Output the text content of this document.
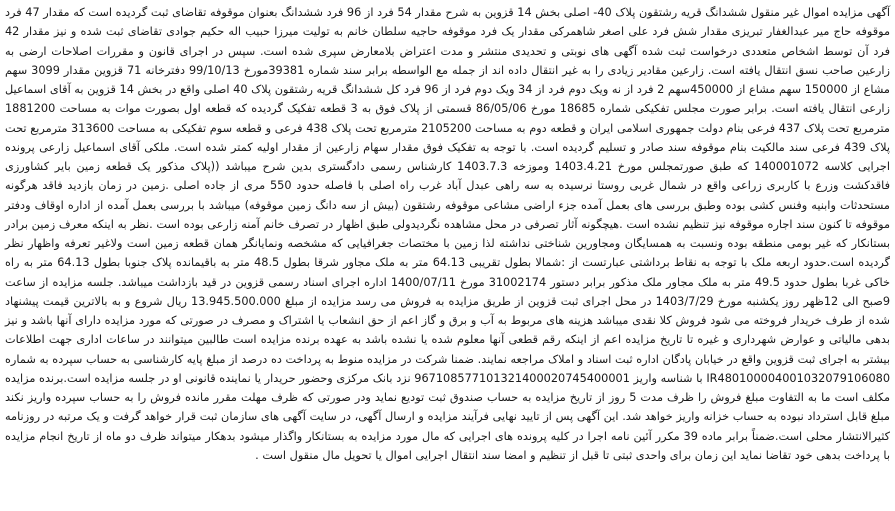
آگهی مزایده اموال غیر منقول ششدانگ قریه رشتقون پلاک 40- اصلی بخش 14 قزوین به شرح مقدار 54 فرد از 96 فرد ششدانگ بعنوان موقوفه تقاضای ثبت گردیده است که مقدار 47 فرد موقوفه حاج میر عبدالغفار تبریزی مقدار شش فرد علی اصغر شاهمرکی مقدار یک فرد موقوفه حاجیه سلطان خانم به تولیت میرزا حبیب اله حکیم جوادی تقاضای ثبت شده و نیز مقدار 42 فرد آن توسط اشخاص متعددی درخواست ثبت شده آگهی های نوبتی و تحدیدی منتشر و مدت اعتراض بلامعارض سپری شده است. سپس در اجرای قانون و مقررات اصلاحات ارضی به زارعین صاحب نسق انتقال یافته است. زارعین مقادیر زیادی را به غیر انتقال داده اند از جمله مع الواسطه برابر سند شماره 39381مورخ 99/10/13 دفترخانه 71 قزوین مقدار 3099 سهم مشاع از 150000 سهم مشاع از 450000سهم 2 فرد از نه ویک دوم فرد از 34 ویک دوم فرد از 96 فرد کل ششدانگ قریه رشتقون پلاک 40 اصلی واقع در بخش 14 قزوین به آقای اسماعیل زارعی انتقال یافته است. برابر صورت مجلس تفکیکی شماره 18685 مورخ 86/05/06 قسمتی از پلاک فوق به 3 قطعه تفکیک گردیده که قطعه اول بصورت موات به مساحت 1881200 مترمربع تحت پلاک 437 فرعی بنام دولت جمهوری اسلامی ایران و قطعه دوم به مساحت 2105200 مترمربع تحت پلاک 438 فرعی و قطعه سوم تفکیکی به مساحت 313600 مترمربع تحت پلاک 439 فرعی سند مالکیت بنام موقوفه سند صادر و تسلیم گردیده است. با توجه به تفکیک فوق مقدار سهام زارعین از مقدار اولیه کمتر شده است. ملکی آقای اسماعیل زارعی پرونده اجرایی کلاسه 140001072 که طبق صورتمجلس مورخ 1403.4.21 وموزخه 1403.7.3 کارشناس رسمی دادگستری بدین شرح میباشد ((پلاک مذکور یک قطعه زمین بایر کشاورزی فاقدکشت وزرع با کاربری زراعی واقع در شمال غربی روستا نرسیده به سه راهی عبدل آباد غرب راه اصلی با فاصله حدود 550 مری از جاده اصلی .زمین در زمان بازدید فاقد هرگونه مستحدثات وابنیه وفنس کشی بوده وطبق بررسی های بعمل آمده جزء اراضی مشاعی موقوفه رشتقون (بیش از سه دانگ زمین موقوفه) میباشد با بررسی بعمل آمده از اداره اوقاف ودفتر موقوفه تا کنون سند اجاره موقوفه نیز تنظیم نشده است .هیچگونه آثار تصرفی در محل مشاهده نگردیدولی طبق اظهار در تصرف خانم آمنه زارعی بوده است .نظر به اینکه معرف زمین برادر بستانکار که غیر بومی منطقه بوده ونسبت به همسایگان ومجاورین شناختی نداشته لذا زمین با مختصات جغرافیایی که مشخصه ونمایانگر همان قطعه زمین است ولاغیر تعرفه واظهار نظر گردیده است.حدود اربعه ملک با توجه به نقاط برداشتی عبارتست از :شمالا بطول تقریبی 64.13 متر به ملک مجاور شرقا بطول 48.5 متر به باقیمانده پلاک جنوبا بطول 64.13 متر به راه خاکی غربا بطول حدود 49.5 متر به ملک مجاور ملک مذکور برابر دستور 31002174 مورخ 1400/07/11 اداره اجرای اسناد رسمی قزوین در قید بازداشت میباشد. جلسه مزایده از ساعت 9صبح الی 12ظهر روز یکشنبه مورخ 1403/7/29 در محل اجرای ثبت قزوین از طریق مزایده به فروش می رسد مزایده از مبلغ 13.945.500.000 ریال شروع و به بالاترین قیمت پیشنهاد شده از طرف خریدار فروخته می شود فروش کلا نقدی میباشد هزینه های مربوط به آب و برق و گاز اعم از حق انشعاب یا اشتراک و مصرف در صورتی که مورد مزایده دارای آنها باشد و نیز بدهی مالیاتی و عوارض شهرداری و غیره تا تاریخ مزایده اعم از اینکه رقم قطعی آنها معلوم شده یا نشده باشد به عهده برنده مزایده است طالبین میتوانند در ساعات اداری جهت اطلاعات بیشتر به اجرای ثبت قزوین واقع در خیابان پادگان اداره ثبت اسناد و املاک مراجعه نمایند. ضمنا شرکت در مزایده منوط به پرداخت ده درصد از مبلغ پایه کارشناسی به حساب سپرده به شماره IR480100004001032079106080 با شناسه واریز 967108577101321400020745400001 نزد بانک مرکزی وحضور حریدار یا نماینده قانونی او در جلسه مزایده است.برنده مزایده مکلف است ما به التفاوت مبلغ فروش را ظرف مدت 5 روز از تاریخ مزایده به حساب صندوق ثبت تودیع نماید ودر صورتی که ظرف مهلت مقرر مانده فروش را به حساب سپرده واریز نکند مبلغ قابل استرداد نبوده به حساب خزانه واریز خواهد شد. این آگهی پس از تایید نهایی فرآیند مزایده و ارسال آگهی، در سایت آگهی های سازمان ثبت قرار خواهد گرفت و یک مرتبه در روزنامه کثیرالانتشار محلی است.ضمناً برابر ماده 39 مکرر آئین نامه اجرا در کلیه پرونده های اجرایی که مال مورد مزایده به بستانکار واگذار میشود بدهکار میتواند ظرف دو ماه از تاریخ انجام مزایده با پرداخت بدهی خود تقاضا نماید این زمان برای واحدی ثبتی تا قبل از تنظیم و امضا سند انتقال اجرایی اموال یا تحویل مال منقول است .
